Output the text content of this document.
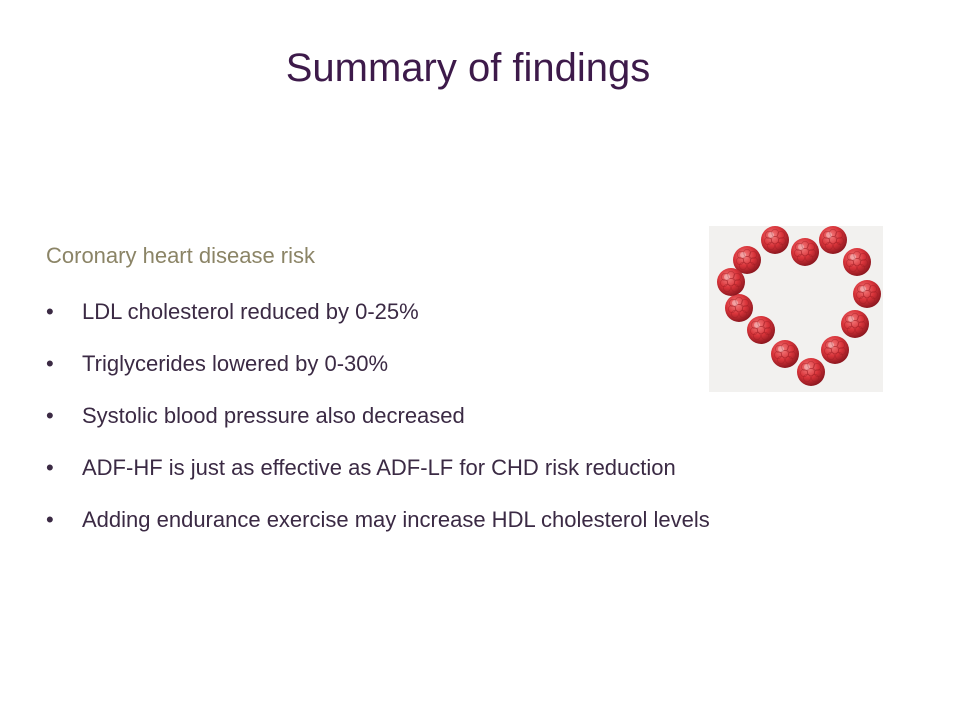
Summary of findings
Coronary heart disease risk
• LDL cholesterol reduced by 0-25%
• Triglycerides lowered by 0-30%
• Systolic blood pressure also decreased
• ADF-HF is just as effective as ADF-LF for CHD risk reduction
• Adding endurance exercise may increase HDL cholesterol levels
